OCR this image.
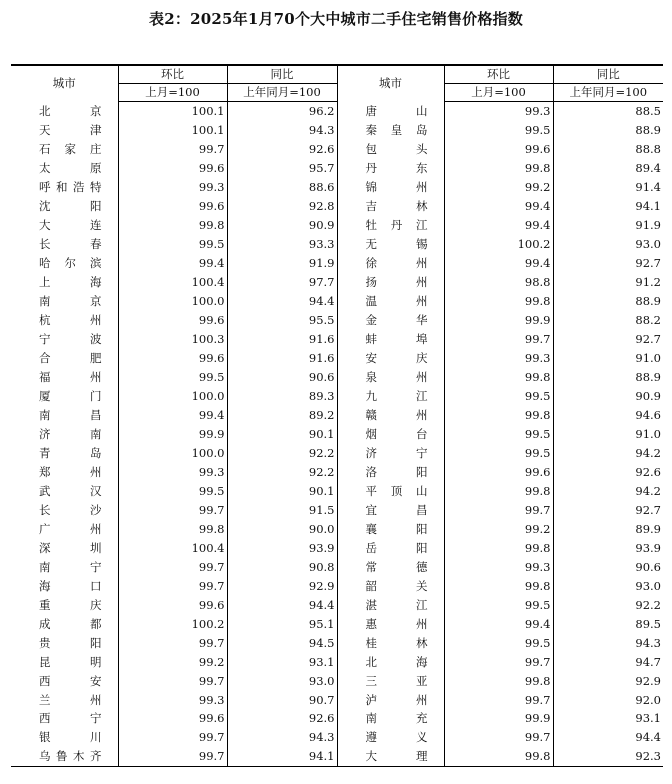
表2：2025年1月70个大中城市二手住宅销售价格指数
城市	环比	同比	城市	环比	同比
	上月=100	上年同月=100		上月=100	上年同月=100
北　京	100.1	96.2	唐　山	99.3	88.5
天　津	100.1	94.3	秦皇岛	99.5	88.9
石家庄	99.7	92.6	包　头	99.6	88.8
太　原	99.6	95.7	丹　东	99.8	89.4
呼和浩特	99.3	88.6	锦　州	99.2	91.4
沈　阳	99.6	92.8	吉　林	99.4	94.1
大　连	99.8	90.9	牡丹江	99.4	91.9
长　春	99.5	93.3	无　锡	100.2	93.0
哈尔滨	99.4	91.9	徐　州	99.4	92.7
上　海	100.4	97.7	扬　州	98.8	91.2
南　京	100.0	94.4	温　州	99.8	88.9
杭　州	99.6	95.5	金　华	99.9	88.2
宁　波	100.3	91.6	蚌　埠	99.7	92.7
合　肥	99.6	91.6	安　庆	99.3	91.0
福　州	99.5	90.6	泉　州	99.8	88.9
厦　门	100.0	89.3	九　江	99.5	90.9
南　昌	99.4	89.2	赣　州	99.8	94.6
济　南	99.9	90.1	烟　台	99.5	91.0
青　岛	100.0	92.2	济　宁	99.5	94.2
郑　州	99.3	92.2	洛　阳	99.6	92.6
武　汉	99.5	90.1	平顶山	99.8	94.2
长　沙	99.7	91.5	宜　昌	99.7	92.7
广　州	99.8	90.0	襄　阳	99.2	89.9
深　圳	100.4	93.9	岳　阳	99.8	93.9
南　宁	99.7	90.8	常　德	99.3	90.6
海　口	99.7	92.9	韶　关	99.8	93.0
重　庆	99.6	94.4	湛　江	99.5	92.2
成　都	100.2	95.1	惠　州	99.4	89.5
贵　阳	99.7	94.5	桂　林	99.5	94.3
昆　明	99.2	93.1	北　海	99.7	94.7
西　安	99.7	93.0	三　亚	99.8	92.9
兰　州	99.3	90.7	泸　州	99.7	92.0
西　宁	99.6	92.6	南　充	99.9	93.1
银　川	99.7	94.3	遵　义	99.7	94.4
乌鲁木齐	99.7	94.1	大　理	99.8	92.3
